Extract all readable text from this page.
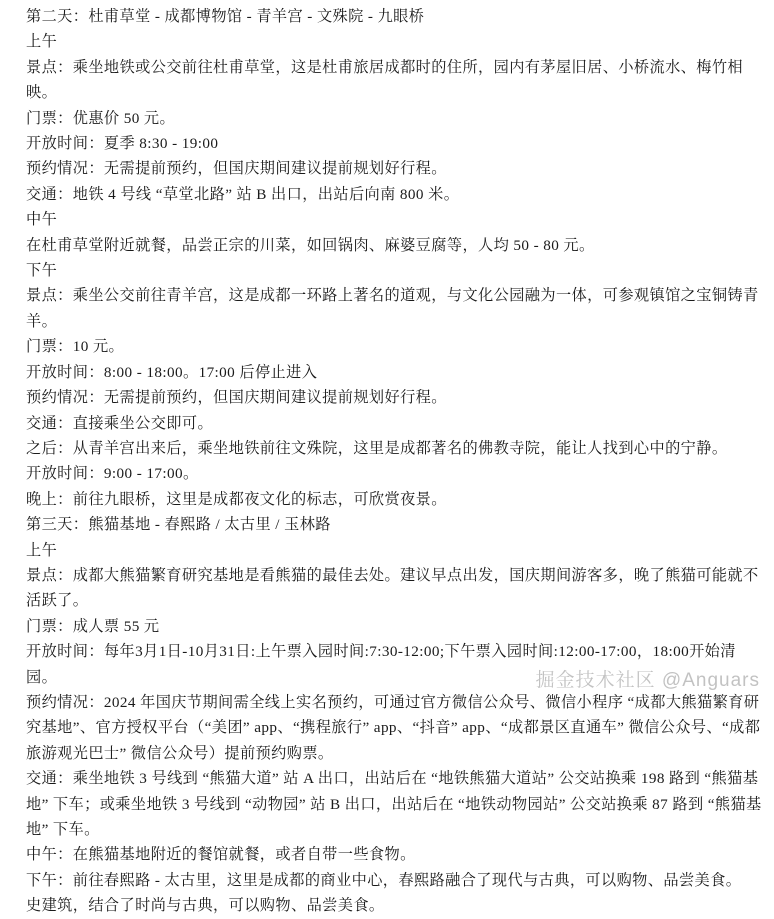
第二天：杜甫草堂 - 成都博物馆 - 青羊宫 - 文殊院 - 九眼桥
上午
景点：乘坐地铁或公交前往杜甫草堂，这是杜甫旅居成都时的住所，园内有茅屋旧居、小桥流水、梅竹相映。
门票：优惠价 50 元。
开放时间：夏季 8:30 - 19:00
预约情况：无需提前预约，但国庆期间建议提前规划好行程。
交通：地铁 4 号线 “草堂北路” 站 B 出口，出站后向南 800 米。
中午
在杜甫草堂附近就餐，品尝正宗的川菜，如回锅肉、麻婆豆腐等，人均 50 - 80 元。
下午
景点：乘坐公交前往青羊宫，这是成都一环路上著名的道观，与文化公园融为一体，可参观镇馆之宝铜铸青羊。
门票：10 元。
开放时间：8:00 - 18:00。17:00 后停止进入
预约情况：无需提前预约，但国庆期间建议提前规划好行程。
交通：直接乘坐公交即可。
之后：从青羊宫出来后，乘坐地铁前往文殊院，这里是成都著名的佛教寺院，能让人找到心中的宁静。
开放时间：9:00 - 17:00。
晚上：前往九眼桥，这里是成都夜文化的标志，可欣赏夜景。
第三天：熊猫基地 - 春熙路 / 太古里 / 玉林路
上午
景点：成都大熊猫繁育研究基地是看熊猫的最佳去处。建议早点出发，国庆期间游客多，晚了熊猫可能就不活跃了。
门票：成人票 55 元
开放时间：每年3月1日-10月31日:上午票入园时间:7:30-12:00;下午票入园时间:12:00-17:00，18:00开始清园。
预约情况：2024 年国庆节期间需全线上实名预约，可通过官方微信公众号、微信小程序 “成都大熊猫繁育研究基地”、官方授权平台（“美团” app、“携程旅行” app、“抖音” app、“成都景区直通车” 微信公众号、“成都旅游观光巴士” 微信公众号）提前预约购票。
交通：乘坐地铁 3 号线到 “熊猫大道” 站 A 出口，出站后在 “地铁熊猫大道站” 公交站换乘 198 路到 “熊猫基地” 下车；或乘坐地铁 3 号线到 “动物园” 站 B 出口，出站后在 “地铁动物园站” 公交站换乘 87 路到 “熊猫基地” 下车。
中午：在熊猫基地附近的餐馆就餐，或者自带一些食物。
下午：前往春熙路 - 太古里，这里是成都的商业中心，春熙路融合了现代与古典，可以购物、品尝美食。
史建筑，结合了时尚与古典，可以购物、品尝美食。
掘金技术社区 @Anguars
